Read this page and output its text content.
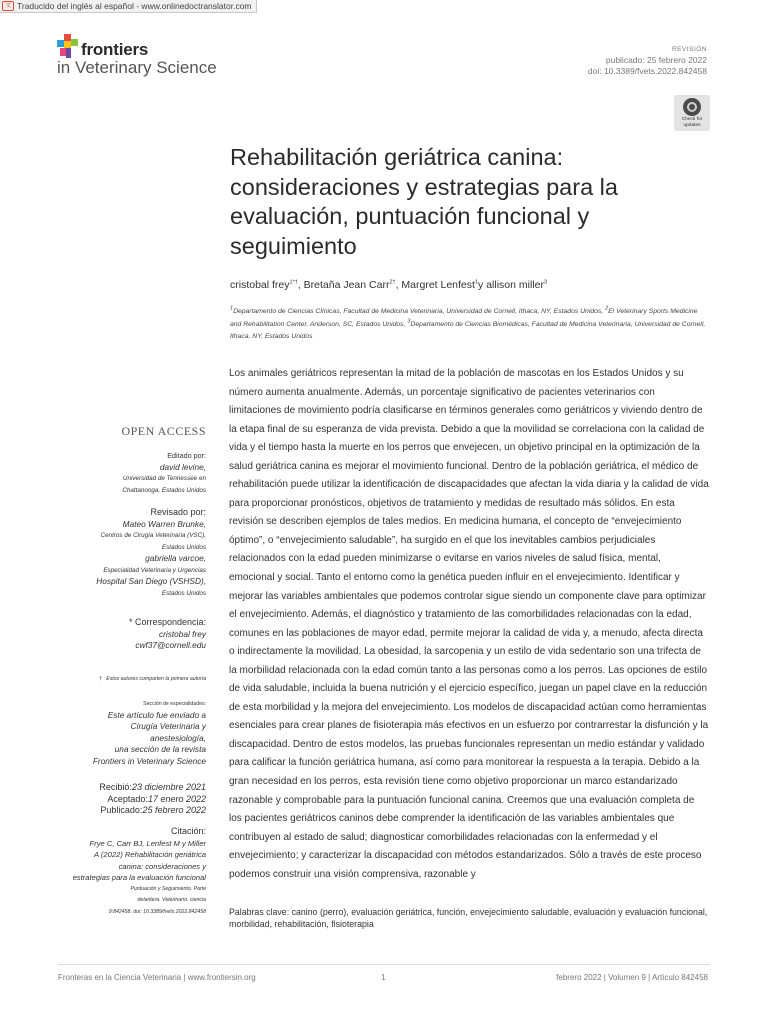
文 Traducido del inglés al español - www.onlinedoctranslator.com
frontiers
in Veterinary Science
REVISIÓN
publicado: 25 febrero 2022
doi: 10.3389/fvets.2022.842458
Check for
updates
Rehabilitación geriátrica canina: consideraciones y estrategias para la evaluación, puntuación funcional y seguimiento
cristobal frey$^{1*\dagger}$, Bretaña Jean Carr$^{2\dagger}$, Margret Lenfest$^1$y allison miller$^3$
$^1$Departamento de Ciencias Clínicas, Facultad de Medicina Veterinaria, Universidad de Cornell, Ithaca, NY, Estados Unidos, $^2$El Veterinary Sports Medicine and Rehabilitation Center, Anderson, SC, Estados Unidos, $^3$Departamento de Ciencias Biomédicas, Facultad de Medicina Veterinaria, Universidad de Cornell, Ithaca, NY, Estados Unidos

Los animales geriátricos representan la mitad de la población de mascotas en los Estados Unidos y su número aumenta anualmente. Además, un porcentaje significativo de pacientes veterinarios con limitaciones de movimiento podría clasificarse en términos generales como geriátricos y viviendo dentro de la etapa final de su esperanza de vida prevista. Debido a que la movilidad se correlaciona con la calidad de vida y el tiempo hasta la muerte en los perros que envejecen, un objetivo principal en la optimización de la salud geriátrica canina es mejorar el movimiento funcional. Dentro de la población geriátrica, el médico de rehabilitación puede utilizar la identificación de discapacidades que afectan la vida diaria y la calidad de vida para proporcionar pronósticos, objetivos de tratamiento y medidas de resultado más sólidos. En esta revisión se describen ejemplos de tales medios. En medicina humana, el concepto de “envejecimiento óptimo”, o “envejecimiento saludable”, ha surgido en el que los inevitables cambios perjudiciales relacionados con la edad pueden minimizarse o evitarse en varios niveles de salud física, mental, emocional y social. Tanto el entorno como la genética pueden influir en el envejecimiento. Identificar y mejorar las variables ambientales que podemos controlar sigue siendo un componente clave para optimizar el envejecimiento. Además, el diagnóstico y tratamiento de las comorbilidades relacionadas con la edad, comunes en las poblaciones de mayor edad, permite mejorar la calidad de vida y, a menudo, afecta directa o indirectamente la movilidad. La obesidad, la sarcopenia y un estilo de vida sedentario son una trifecta de la morbilidad relacionada con la edad común tanto a las personas como a los perros. Las opciones de estilo de vida saludable, incluida la buena nutrición y el ejercicio específico, juegan un papel clave en la reducción de esta morbilidad y la mejora del envejecimiento. Los modelos de discapacidad actúan como herramientas esenciales para crear planes de fisioterapia más efectivos en un esfuerzo por contrarrestar la disfunción y la discapacidad. Dentro de estos modelos, las pruebas funcionales representan un medio estándar y validado para calificar la función geriátrica humana, así como para monitorear la respuesta a la terapia. Debido a la gran necesidad en los perros, esta revisión tiene como objetivo proporcionar un marco estandarizado razonable y comprobable para la puntuación funcional canina. Creemos que una evaluación completa de los pacientes geriátricos caninos debe comprender la identificación de las variables ambientales que contribuyen al estado de salud; diagnosticar comorbilidades relacionadas con la enfermedad y el envejecimiento; y caracterizar la discapacidad con métodos estandarizados. Sólo a través de este proceso podemos construir una visión comprensiva, razonable y

Palabras clave: canino (perro), evaluación geriátrica, función, envejecimiento saludable, evaluación y evaluación funcional, morbilidad, rehabilitación, fisioterapia
OPEN ACCESS
Editado por:
david levine,
Universidad de Tennessee en
Chattanooga, Estados Unidos
Revisado por:
Mateo Warren Brunke,
Centros de Cirugía Veterinaria (VSC),
Estados Unidos
gabriella varcoe,
Especialidad Veterinaria y Urgencias
Hospital San Diego (VSHSD),
Estados Unidos
* Correspondencia:
cristobal frey
cwf37@cornell.edu
† Estos autores comparten la primera autoría
Sección de especialidades:
Este artículo fue enviado a
Cirugía Veterinaria y
anestesiología,
una sección de la revista
Frontiers in Veterinary Science
Recibió:23 diciembre 2021
Aceptado:17 enero 2022
Publicado:25 febrero 2022
Citación:
Frye C, Carr BJ, Lenfest M y Miller
A (2022) Rehabilitación geriátrica
canina: consideraciones y
estrategias para la evaluación funcional
Puntuación y Seguimiento. Parte
delantera. Veterinario. ciencia
9:842458. doi: 10.3389/fvets.2022.842458
Fronteras en la Ciencia Veterinaria | www.frontiersin.org	1	febrero 2022 | Volumen 9 | Artículo 842458
